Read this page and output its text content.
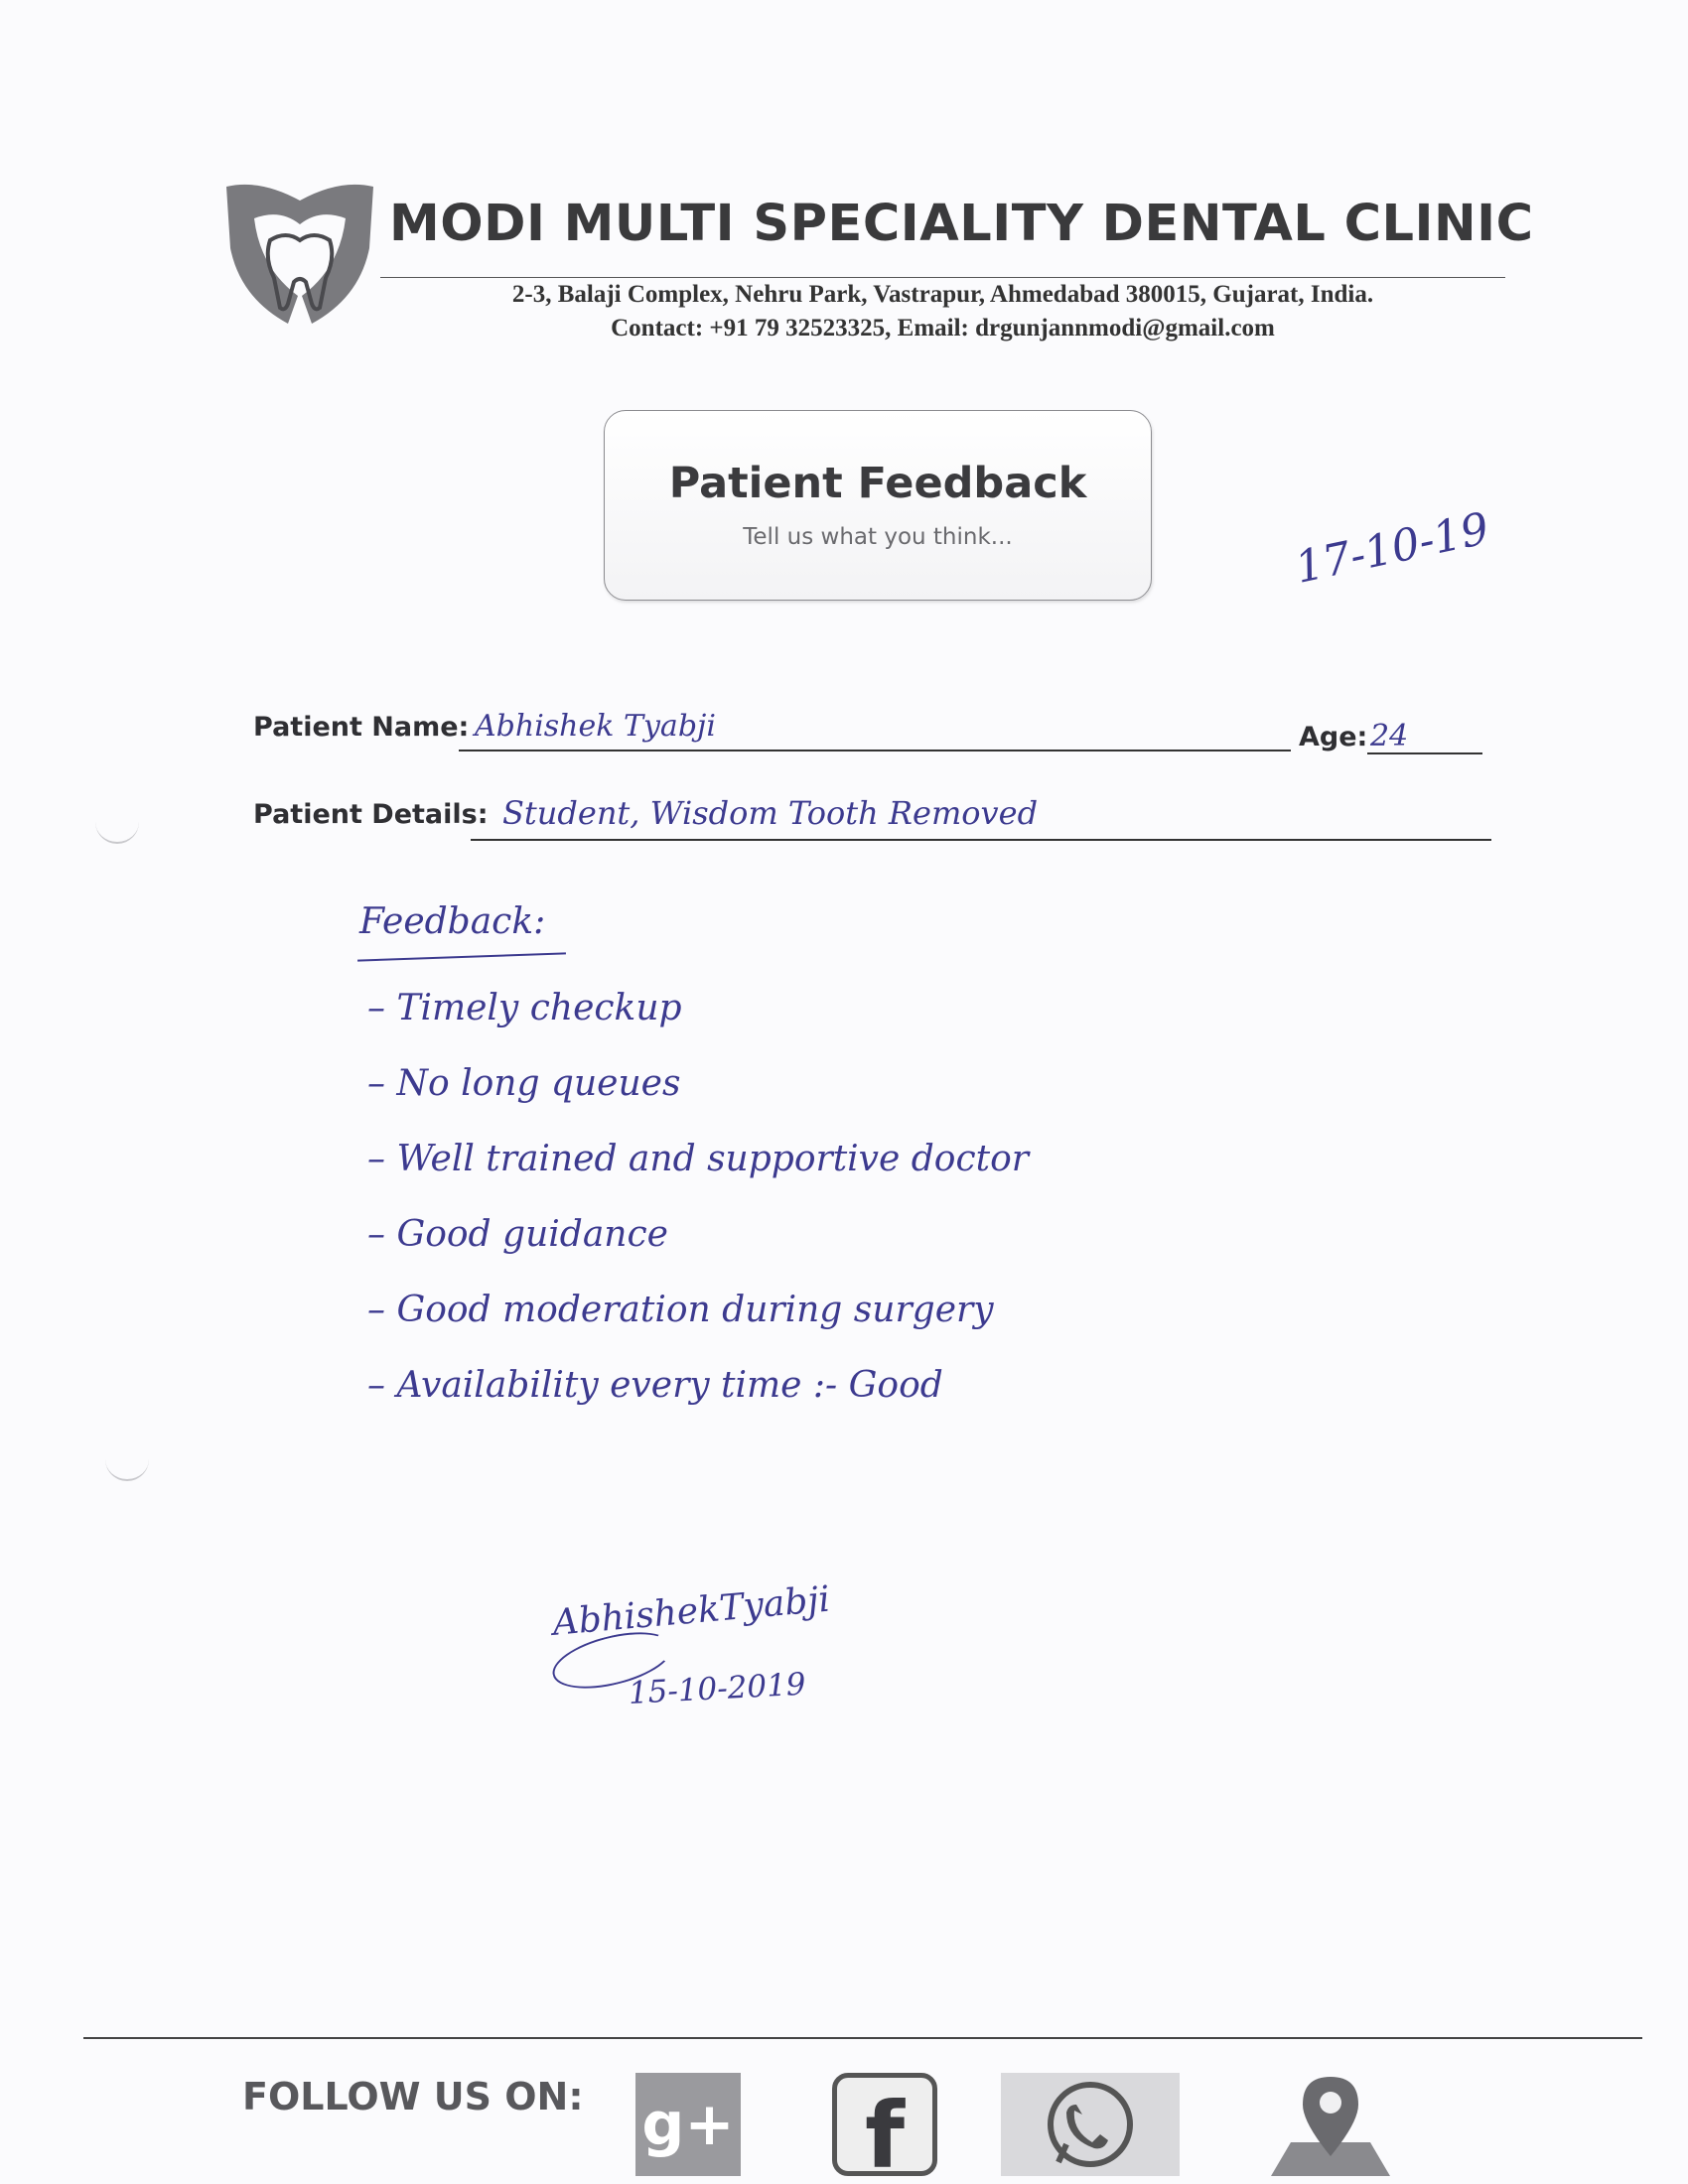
MODI MULTI SPECIALITY DENTAL CLINIC
2-3, Balaji Complex, Nehru Park, Vastrapur, Ahmedabad 380015, Gujarat, India.
Contact: +91 79 32523325, Email: drgunjannmodi@gmail.com
Patient Feedback
Tell us what you think...	17-10-19
Patient Name: Abhishek Tyabji	Age: 24
Patient Details: Student, Wisdom Tooth Removed
Feedback:
– Timely checkup
– No long queues
– Well trained and supportive doctor
– Good guidance
– Good moderation during surgery
– Availability every time :- Good
AbhishekTyabji
15-10-2019
FOLLOW US ON: g+	f
